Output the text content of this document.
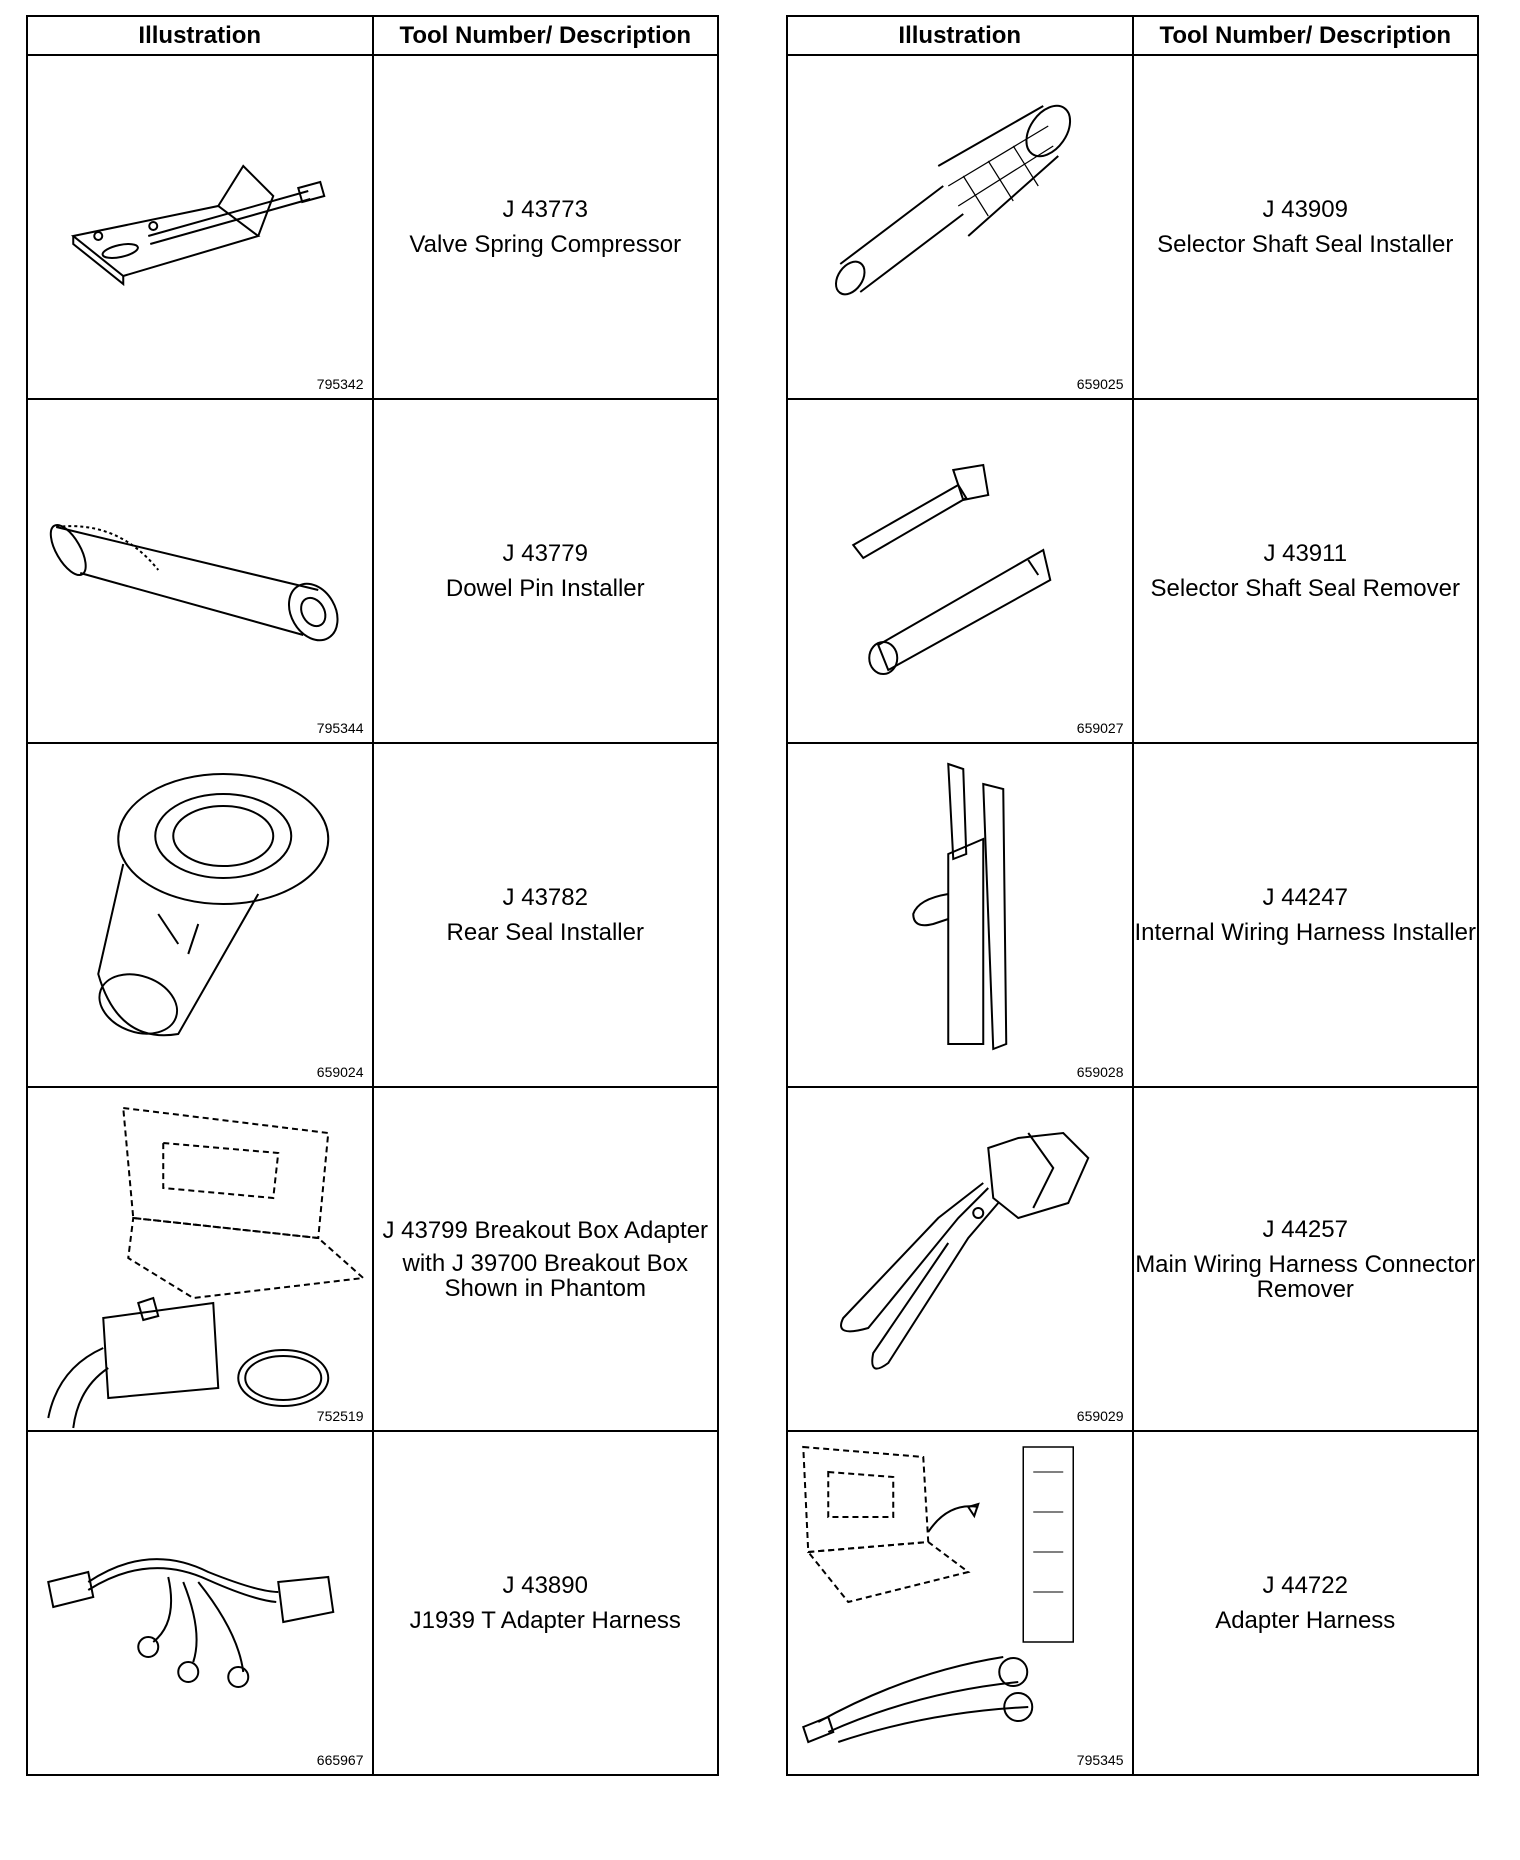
Illustration	Tool Number/ Description

795342	J 43773
Valve Spring Compressor

795344	J 43779
Dowel Pin Installer

659024	J 43782
Rear Seal Installer

752519	J 43799 Breakout Box Adapter
with J 39700 Breakout Box Shown in Phantom

665967	J 43890
J1939 T Adapter Harness
Illustration	Tool Number/ Description

659025	J 43909
Selector Shaft Seal Installer

659027	J 43911
Selector Shaft Seal Remover

659028	J 44247
Internal Wiring Harness Installer

659029	J 44257
Main Wiring Harness Connector Remover

795345	J 44722
Adapter Harness
